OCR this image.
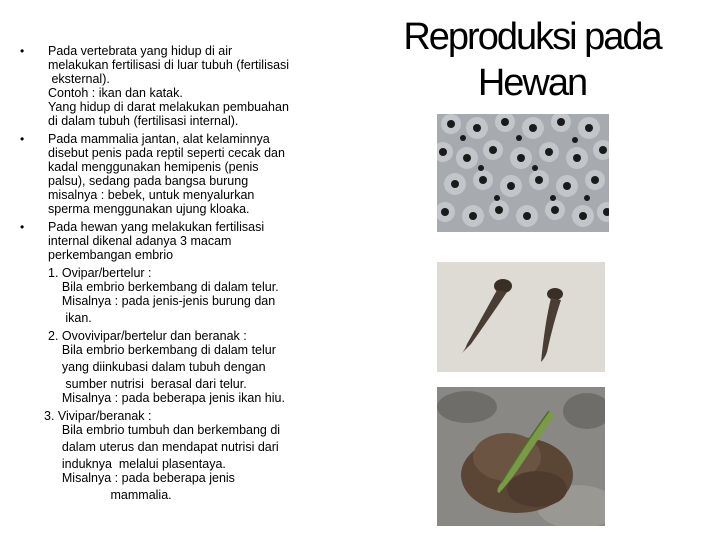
Reproduksi pada
Hewan
• Pada vertebrata yang hidup di air
melakukan fertilisasi di luar tubuh (fertilisasi
eksternal).
Contoh : ikan dan katak.
Yang hidup di darat melakukan pembuahan
di dalam tubuh (fertilisasi internal).
• Pada mammalia jantan, alat kelaminnya
disebut penis pada reptil seperti cecak dan
kadal menggunakan hemipenis (penis
palsu), sedang pada bangsa burung
misalnya : bebek, untuk menyalurkan
sperma menggunakan ujung kloaka.
• Pada hewan yang melakukan fertilisasi
internal dikenal adanya 3 macam
perkembangan embrio
1. Ovipar/bertelur :
Bila embrio berkembang di dalam telur.
Misalnya : pada jenis-jenis burung dan
ikan.
2. Ovovivipar/bertelur dan beranak :
Bila embrio berkembang di dalam telur
yang diinkubasi dalam tubuh dengan
sumber nutrisi  berasal dari telur.
Misalnya : pada beberapa jenis ikan hiu.
3. Vivipar/beranak :
Bila embrio tumbuh dan berkembang di
dalam uterus dan mendapat nutrisi dari
induknya  melalui plasentaya.
Misalnya : pada beberapa jenis
mammalia.
